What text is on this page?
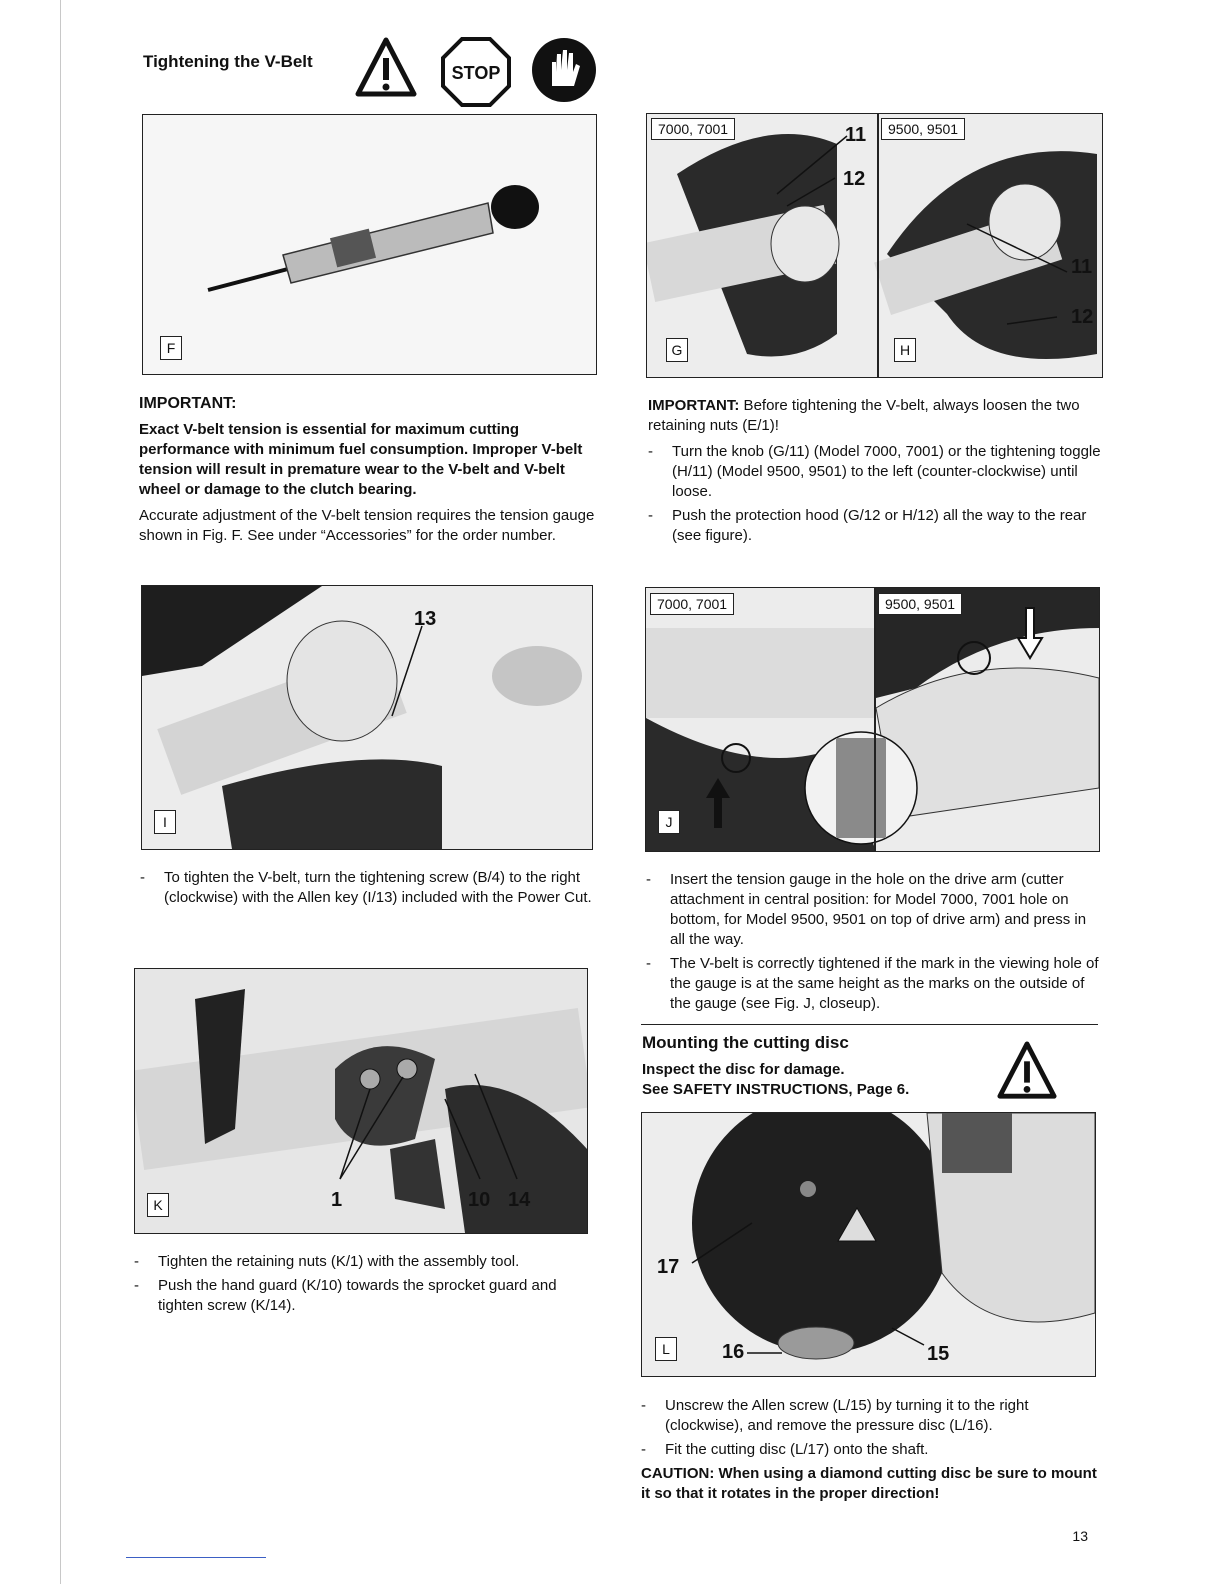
Tightening the V-Belt
STOP
F
7000, 7001	9500, 9501
11
12
11
12
G	H
IMPORTANT:
Exact V-belt tension is essential for maximum cutting performance with minimum fuel consumption. Improper V-belt tension will result in premature wear to the V-belt and V-belt wheel or damage to the clutch bearing.
Accurate adjustment of the V-belt tension requires the tension gauge shown in Fig. F. See under “Accessories” for the order number.
IMPORTANT: Before tightening the V-belt, always loosen the two retaining nuts (E/1)!
- Turn the knob (G/11) (Model 7000, 7001) or the tightening toggle (H/11) (Model 9500, 9501) to the left (counter-clockwise) until loose.
- Push the protection hood (G/12 or H/12) all the way to the rear (see figure).
13
I
7000, 7001	9500, 9501
J
- To tighten the V-belt, turn the tightening screw (B/4) to the right (clockwise) with the Allen key (I/13) included with the Power Cut.
- Insert the tension gauge in the hole on the drive arm (cutter attachment in central position: for Model 7000, 7001 hole on bottom, for Model 9500, 9501 on top of drive arm) and press in all the way.
- The V-belt is correctly tightened if the mark in the viewing hole of the gauge is at the same height as the marks on the outside of the gauge (see Fig. J, closeup).
1	10 14
K
Mounting the cutting disc
Inspect the disc for damage.
See SAFETY INSTRUCTIONS, Page 6.
17
16	15
L
- Tighten the retaining nuts (K/1) with the assembly tool.
- Push the hand guard (K/10) towards the sprocket guard and tighten screw (K/14).
- Unscrew the Allen screw (L/15) by turning it to the right (clockwise), and remove the pressure disc (L/16).
- Fit the cutting disc (L/17) onto the shaft.
CAUTION: When using a diamond cutting disc be sure to mount it so that it rotates in the proper direction!
13
